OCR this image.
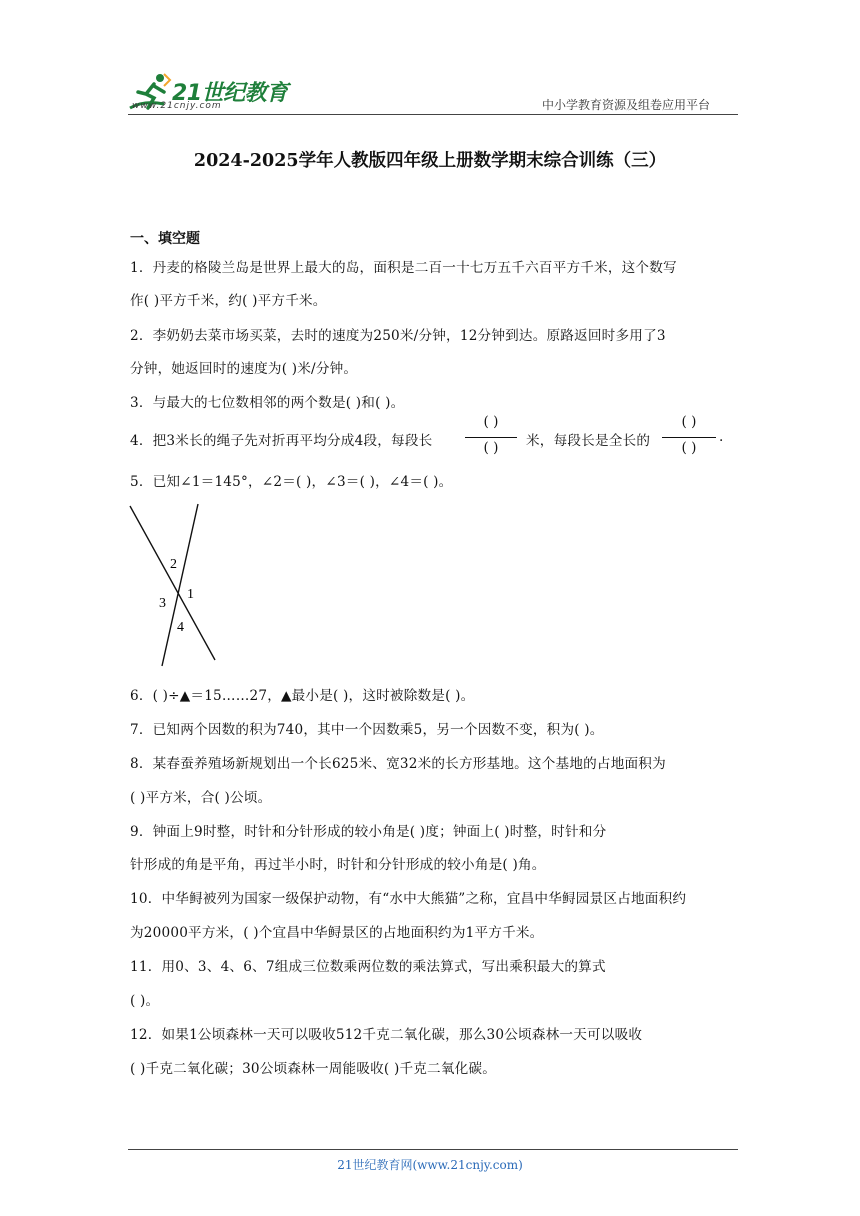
21世纪教育
www.21cnjy.com	中小学教育资源及组卷应用平台
2024-2025学年人教版四年级上册数学期末综合训练（三）
一、填空题
1．丹麦的格陵兰岛是世界上最大的岛，面积是二百一十七万五千六百平方千米，这个数写
作( )平方千米，约( )平方千米。
2．李奶奶去菜市场买菜，去时的速度为250米/分钟，12分钟到达。原路返回时多用了3
分钟，她返回时的速度为( )米/分钟。
3．与最大的七位数相邻的两个数是( )和( )。
4．把3米长的绳子先对折再平均分成4段，每段长
( )
( )	米，每段长是全长的
( )
( )
.
5．已知∠1＝145°，∠2＝( )，∠3＝( )，∠4＝( )。
2
1
3
4
6．( )÷▲＝15……27，▲最小是( )，这时被除数是( )。
7．已知两个因数的积为740，其中一个因数乘5，另一个因数不变，积为( )。
8．某春蚕养殖场新规划出一个长625米、宽32米的长方形基地。这个基地的占地面积为
( )平方米，合( )公顷。
9．钟面上9时整，时针和分针形成的较小角是( )度；钟面上( )时整，时针和分
针形成的角是平角，再过半小时，时针和分针形成的较小角是( )角。
10．中华鲟被列为国家一级保护动物，有“水中大熊猫”之称，宜昌中华鲟园景区占地面积约
为20000平方米，( )个宜昌中华鲟景区的占地面积约为1平方千米。
11．用0、3、4、6、7组成三位数乘两位数的乘法算式，写出乘积最大的算式
( )。
12．如果1公顷森林一天可以吸收512千克二氧化碳，那么30公顷森林一天可以吸收
( )千克二氧化碳；30公顷森林一周能吸收( )千克二氧化碳。
21世纪教育网(www.21cnjy.com)
